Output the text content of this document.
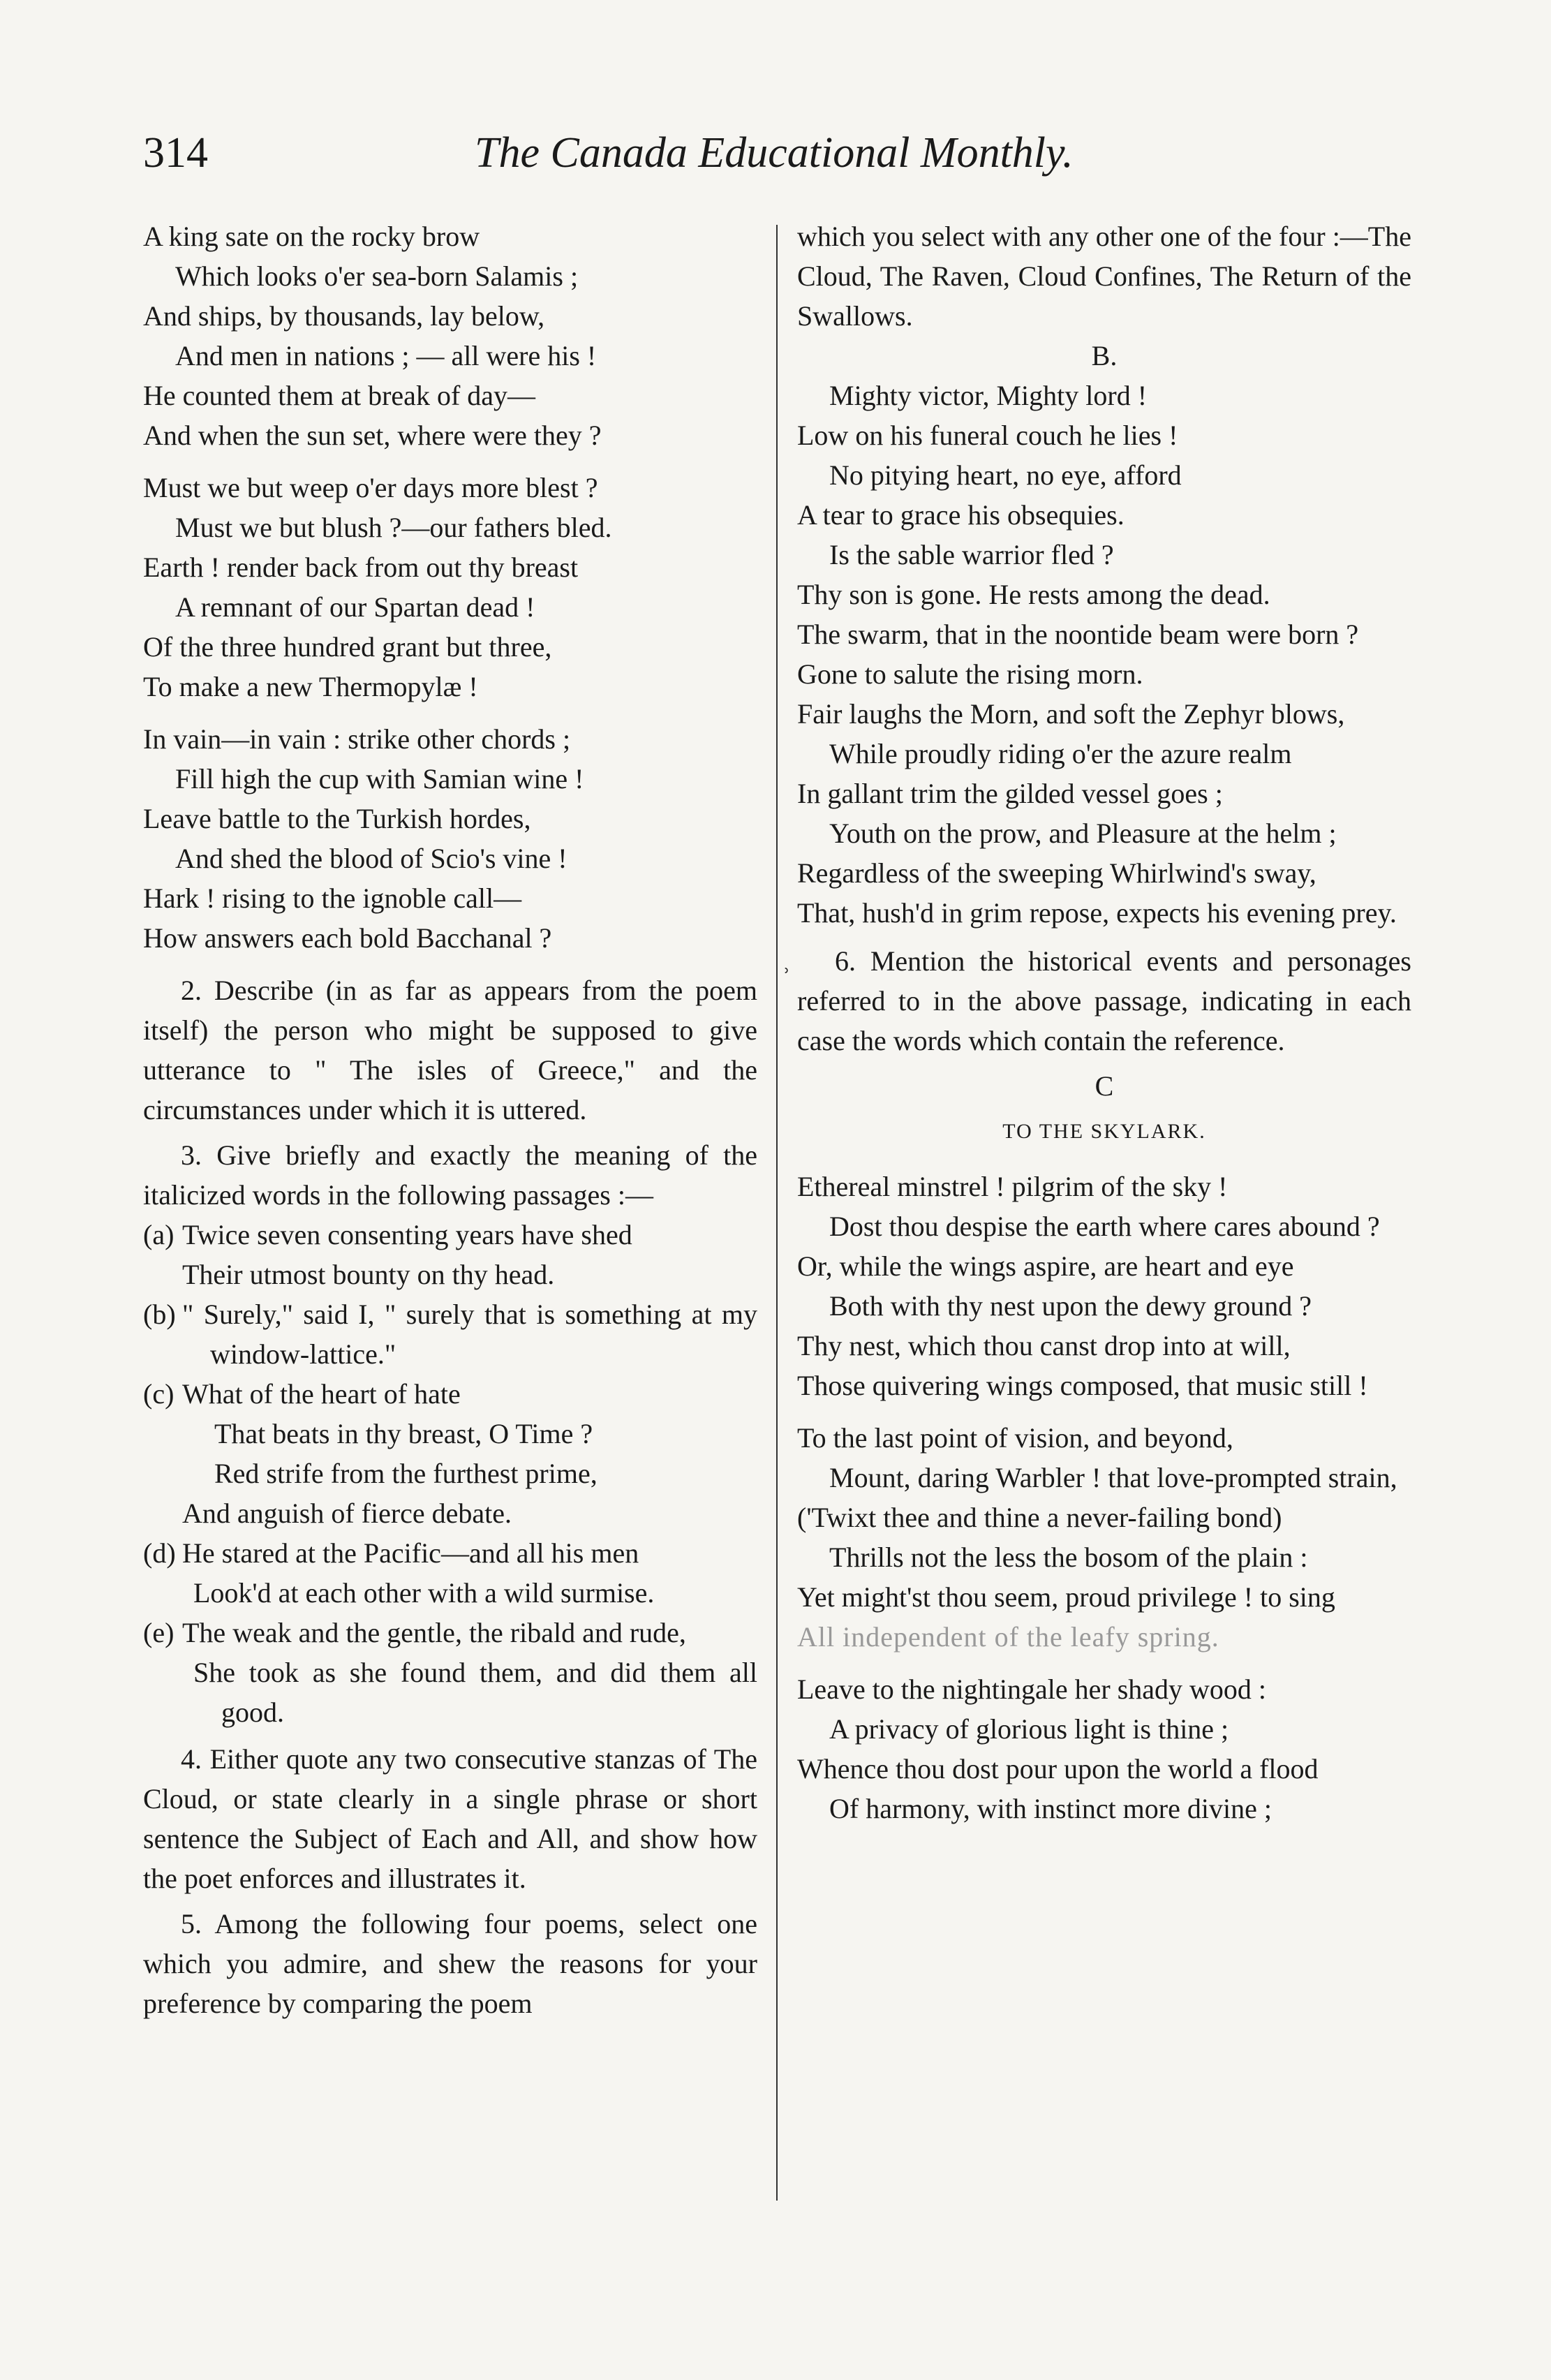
314	The Canada Educational Monthly.
ʾ
A king sate on the rocky brow
Which looks o'er sea-born Salamis ;
And ships, by thousands, lay below,
And men in nations ; — all were his !
He counted them at break of day—
And when the sun set, where were they ?
Must we but weep o'er days more blest ?
Must we but blush ?—our fathers bled.
Earth ! render back from out thy breast
A remnant of our Spartan dead !
Of the three hundred grant but three,
To make a new Thermopylæ !
In vain—in vain : strike other chords ;
Fill high the cup with Samian wine !
Leave battle to the Turkish hordes,
And shed the blood of Scio's vine !
Hark ! rising to the ignoble call—
How answers each bold Bacchanal ?
2. Describe (in as far as appears from the poem itself) the person who might be supposed to give utterance to " The isles of Greece," and the circumstances under which it is uttered.
3. Give briefly and exactly the meaning of the italicized words in the following passages :—
(a) Twice seven consenting years have shed
Their utmost bounty on thy head.
(b) " Surely," said I, " surely that is something at my window-lattice."
(c) What of the heart of hate
That beats in thy breast, O Time ?
Red strife from the furthest prime,
And anguish of fierce debate.
(d) He stared at the Pacific—and all his men
Look'd at each other with a wild surmise.
(e) The weak and the gentle, the ribald and rude,
She took as she found them, and did them all good.
4. Either quote any two consecutive stanzas of The Cloud, or state clearly in a single phrase or short sentence the Subject of Each and All, and show how the poet enforces and illustrates it.
5. Among the following four poems, select one which you admire, and shew the reasons for your preference by comparing the poem
which you select with any other one of the four :—The Cloud, The Raven, Cloud Confines, The Return of the Swallows.
B.
Mighty victor, Mighty lord !
Low on his funeral couch he lies !
No pitying heart, no eye, afford
A tear to grace his obsequies.
Is the sable warrior fled ?
Thy son is gone. He rests among the dead.
The swarm, that in the noontide beam were born ?
Gone to salute the rising morn.
Fair laughs the Morn, and soft the Zephyr blows,
While proudly riding o'er the azure realm
In gallant trim the gilded vessel goes ;
Youth on the prow, and Pleasure at the helm ;
Regardless of the sweeping Whirlwind's sway,
That, hush'd in grim repose, expects his evening prey.
6. Mention the historical events and personages referred to in the above passage, indicating in each case the words which contain the reference.
C
TO THE SKYLARK.
Ethereal minstrel ! pilgrim of the sky !
Dost thou despise the earth where cares abound ?
Or, while the wings aspire, are heart and eye
Both with thy nest upon the dewy ground ?
Thy nest, which thou canst drop into at will,
Those quivering wings composed, that music still !
To the last point of vision, and beyond,
Mount, daring Warbler ! that love-prompted strain,
('Twixt thee and thine a never-failing bond)
Thrills not the less the bosom of the plain :
Yet might'st thou seem, proud privilege ! to sing
All independent of the leafy spring.
Leave to the nightingale her shady wood :
A privacy of glorious light is thine ;
Whence thou dost pour upon the world a flood
Of harmony, with instinct more divine ;
